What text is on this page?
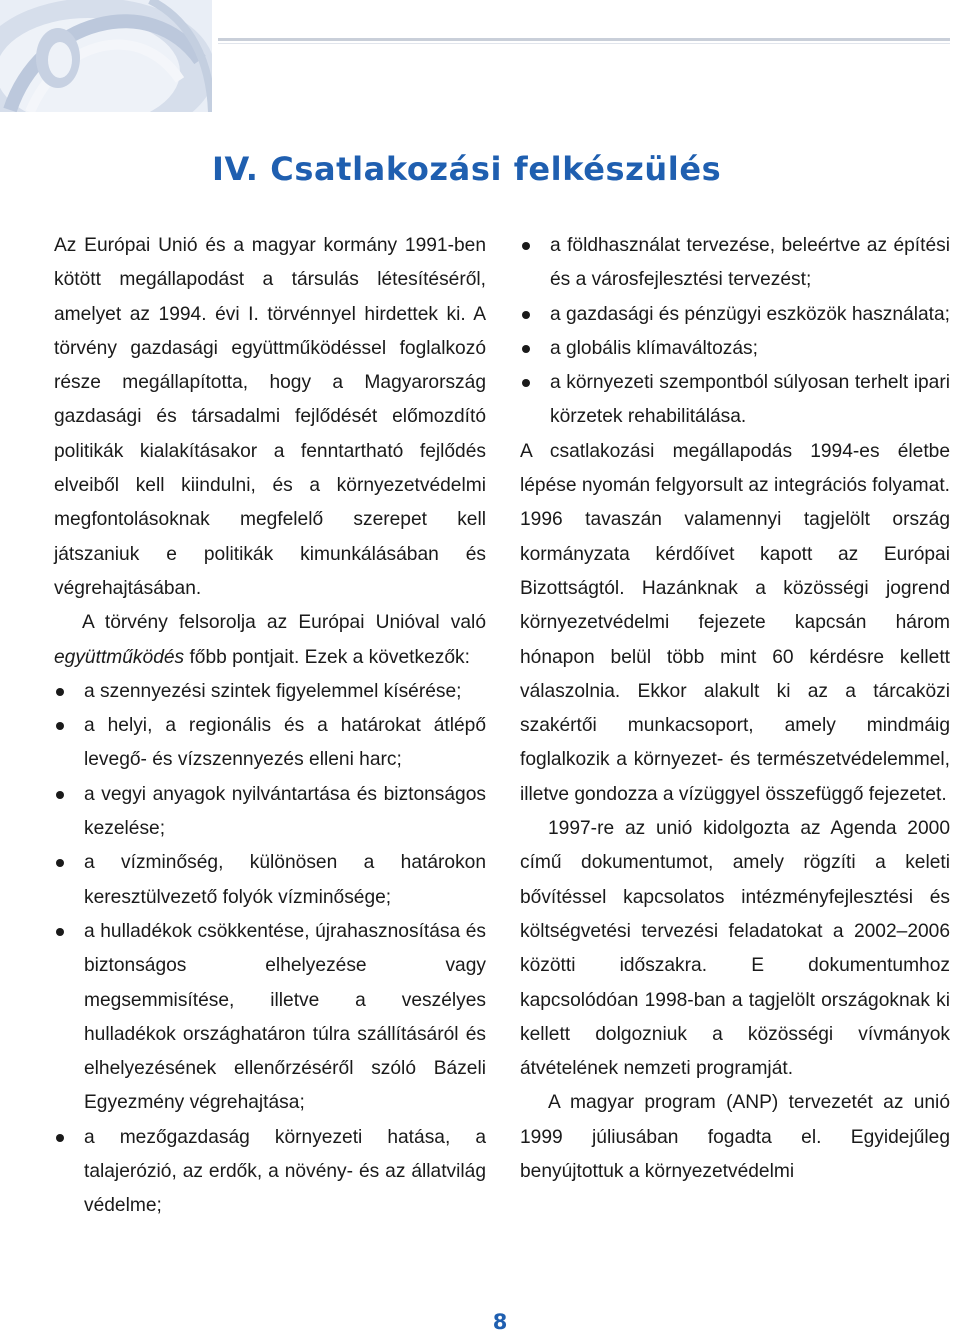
IV. Csatlakozási felkészülés

Az Európai Unió és a magyar kormány 1991-ben kötött megállapodást a társulás létesítéséről, amelyet az 1994. évi I. törvénnyel hirdettek ki. A törvény gazdasági együttműködéssel foglalkozó része megállapította, hogy a Magyarország gazdasági és társadalmi fejlődését előmozdító politikák kialakításakor a fenntartható fejlődés elveiből kell kiindulni, és a környezetvédelmi megfontolásoknak megfelelő szerepet kell játszaniuk e politikák kimunkálásában és végrehajtásában.

A törvény felsorolja az Európai Unióval való együttműködés főbb pontjait. Ezek a következők:

a szennyezési szintek figyelemmel kísérése;
a helyi, a regionális és a határokat átlépő levegő- és vízszennyezés elleni harc;
a vegyi anyagok nyilvántartása és biztonságos kezelése;
a vízminőség, különösen a határokon keresztülvezető folyók vízminősége;
a hulladékok csökkentése, újrahasznosítása és biztonságos elhelyezése vagy megsemmisítése, illetve a veszélyes hulladékok országhatáron túlra szállításáról és elhelyezésének ellenőrzéséről szóló Bázeli Egyezmény végrehajtása;
a mezőgazdaság környezeti hatása, a talajerózió, az erdők, a növény- és az állatvilág védelme;
a földhasználat tervezése, beleértve az építési és a városfejlesztési tervezést;
a gazdasági és pénzügyi eszközök használata;
a globális klímaváltozás;
a környezeti szempontból súlyosan terhelt ipari körzetek rehabilitálása.

A csatlakozási megállapodás 1994-es életbe lépése nyomán felgyorsult az integrációs folyamat. 1996 tavaszán valamennyi tagjelölt ország kormányzata kérdőívet kapott az Európai Bizottságtól. Hazánknak a közösségi jogrend környezetvédelmi fejezete kapcsán három hónapon belül több mint 60 kérdésre kellett válaszolnia. Ekkor alakult ki az a tárcaközi szakértői munkacsoport, amely mindmáig foglalkozik a környezet- és természetvédelemmel, illetve gondozza a vízüggyel összefüggő fejezetet.

1997-re az unió kidolgozta az Agenda 2000 című dokumentumot, amely rögzíti a keleti bővítéssel kapcsolatos intézményfejlesztési és költségvetési tervezési feladatokat a 2002–2006 közötti időszakra. E dokumentumhoz kapcsolódóan 1998-ban a tagjelölt országoknak ki kellett dolgozniuk a közösségi vívmányok átvételének nemzeti programját.

A magyar program (ANP) tervezetét az unió 1999 júliusában fogadta el. Egyidejűleg benyújtottuk a környezetvédelmi

8
